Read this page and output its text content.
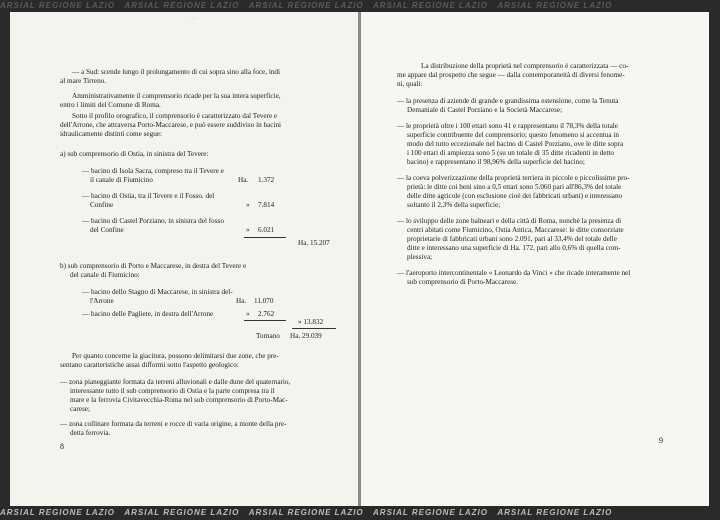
ARSIAL REGIONE LAZIO ARSIAL REGIONE LAZIO ARSIAL REGIONE LAZIO ARSIAL REGIONE LAZIO ARSIAL REGIONE LAZIO
· · ·
— a Sud: scende lungo il prolungamento di cui sopra sino alla foce, indi
al mare Tirreno.
Amministrativamente il comprensorio ricade per la sua intera superficie,
entro i limiti del Comune di Roma.
Sotto il profilo orografico, il comprensorio è caratterizzato dal Tevere e
dell'Arrone, che attraversa Porto-Maccarese, e può essere suddiviso in bacini
idraulicamente distinti come segue:
a) sub comprensorio di Ostia, in sinistra del Tevere:
— bacino di Isola Sacra, compreso tra il Tevere e
il canale di Fiumicino	Ha. 1.372
— bacino di Ostia, tra il Tevere e il Fosso. del
Confine	» 7.814
— bacino di Castel Porziano, in sinistra del fosso
del Confine	» 6.021
Ha. 15.207
b) sub comprensorio di Porto e Maccarese, in destra del Tevere e
del canale di Fiumicino:
— bacino dello Stagno di Maccarese, in sinistra del-
l'Arrone	Ha. 11.070
— bacino delle Pagliete, in destra dell'Arrone	» 2.762
» 13.832
Tornano Ha. 29.039
Per quanto concerne la giacitura, possono delimitarsi due zone, che pre-
sentano caratteristiche assai difformi sotto l'aspetto geologico:
— zona pianeggiante formata da terreni alluvionali e dalle dune del quaternario,
interessante tutto il sub comprensorio di Ostia e la parte compresa tra il
mare e la ferrovia Civitavecchia-Roma nel sub comprensorio di Porto-Mac-
carese;
— zona collinare formata da terreni e rocce di varia origine, a monte della pre-
detta ferrovia.
8
La distribuzione della proprietà nel comprensorio è caratterizzata — co-
me appare dal prospetto che segue — dalla contemporaneità di diversi fenome-
ni, quali:
— la presenza di aziende di grande e grandissima estensione, come la Tenuta
Demaniale di Castel Porziano e la Società Maccarese;
— le proprietà oltre i 100 ettari sono 41 e rappresentano il 78,3% della totale
superficie contribuente del comprensorio; questo fenomeno si accentua in
modo del tutto eccezionale nel bacino di Castel Porziano, ove le ditte sopra
i 100 ettari di ampiezza sono 5 (su un totale di 35 ditte ricadenti in detto
bacino) e rappresentano il 98,96% della superficie del bacino;
— la coeva polverizzazione della proprietà terriera in piccole e piccolissime pro-
prietà: le ditte coi beni sino a 0,5 ettari sono 5.060 pari all'86,3% del totale
delle ditte agricole (con esclusione cioè dei fabbricati urbani) e interessano
soltanto il 2,3% della superficie;
— lo sviluppo delle zone balneari e della città di Roma, nonché la presenza di
centri abitati come Fiumicino, Ostia Antica, Maccarese: le ditte consorziate
proprietarie di fabbricati urbani sono 2.091, pari al 33,4% del totale delle
ditte e interessano una superficie di Ha. 172, pari allo 0,6% di quella com-
plessiva;
— l'aeroporto intercontinentale « Leonardo da Vinci » che ricade interamente nel
sub comprensorio di Porto-Maccarese.
9
ARSIAL REGIONE LAZIO ARSIAL REGIONE LAZIO ARSIAL REGIONE LAZIO ARSIAL REGIONE LAZIO ARSIAL REGIONE LAZIO
